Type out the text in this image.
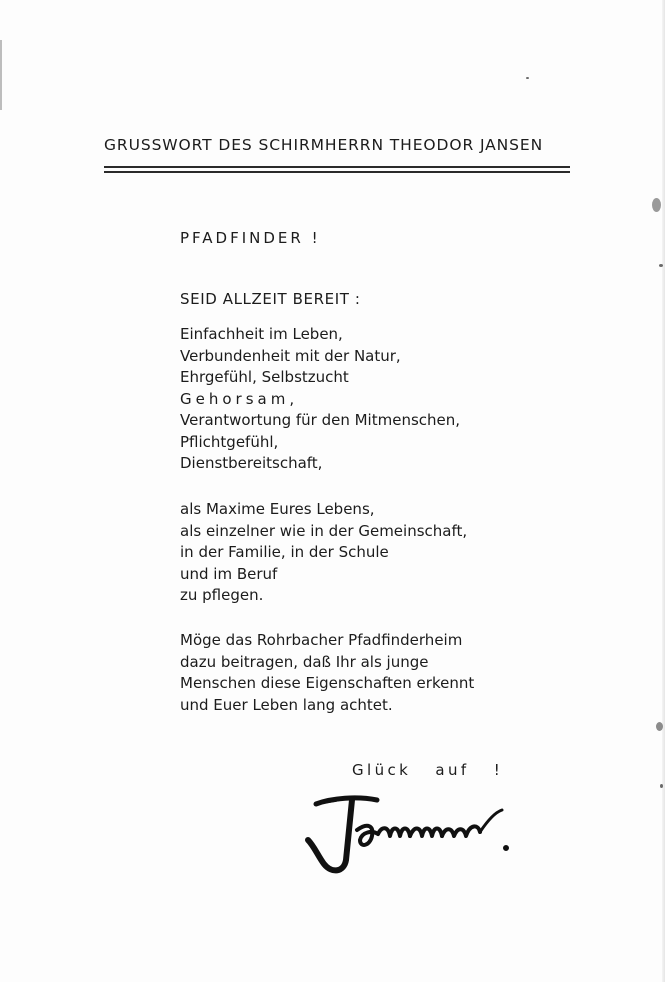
GRUSSWORT DES SCHIRMHERRN THEODOR JANSEN
PFADFINDER !
SEID ALLZEIT BEREIT :
Einfachheit im Leben,
Verbundenheit mit der Natur,
Ehrgefühl, Selbstzucht
Gehorsam,
Verantwortung für den Mitmenschen,
Pflichtgefühl,
Dienstbereitschaft,
als Maxime Eures Lebens,
als einzelner wie in der Gemeinschaft,
in der Familie, in der Schule
und im Beruf
zu pflegen.
Möge das Rohrbacher Pfadfinderheim
dazu beitragen, daß Ihr als junge
Menschen diese Eigenschaften erkennt
und Euer Leben lang achtet.
Glück auf !
